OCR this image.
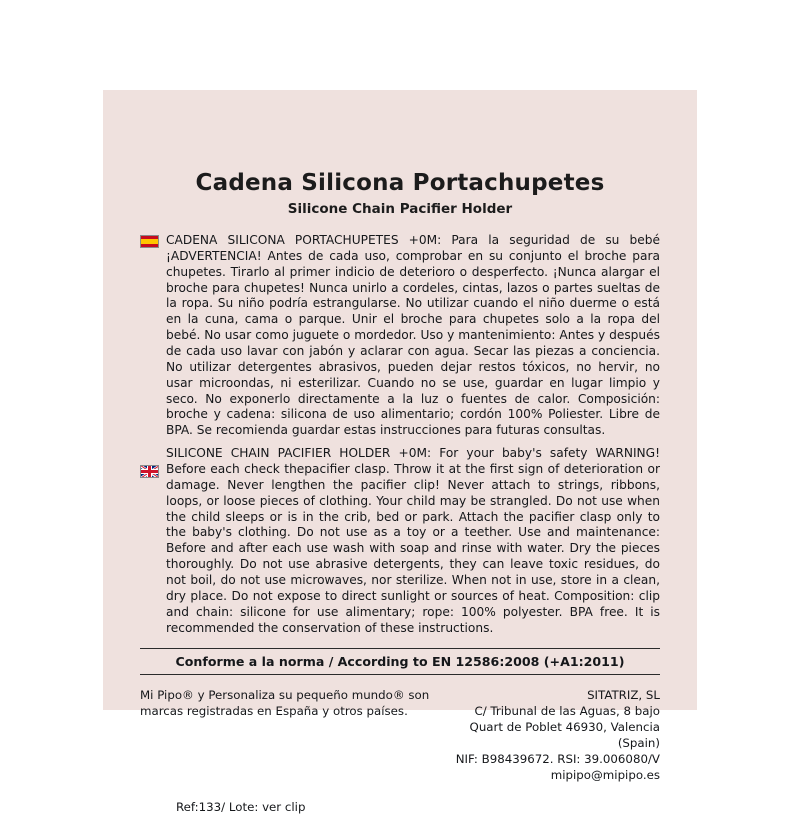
Cadena Silicona Portachupetes
Silicone Chain Pacifier Holder

CADENA SILICONA PORTACHUPETES +0M: Para la seguridad de su bebé ¡ADVERTENCIA! Antes de cada uso, comprobar en su conjunto el broche para chupetes. Tirarlo al primer indicio de deterioro o desperfecto. ¡Nunca alargar el broche para chupetes! Nunca unirlo a cordeles, cintas, lazos o partes sueltas de la ropa. Su niño podría estrangularse. No utilizar cuando el niño duerme o está en la cuna, cama o parque. Unir el broche para chupetes solo a la ropa del bebé. No usar como juguete o mordedor. Uso y mantenimiento: Antes y después de cada uso lavar con jabón y aclarar con agua. Secar las piezas a conciencia. No utilizar detergentes abrasivos, pueden dejar restos tóxicos, no hervir, no usar microondas, ni esterilizar. Cuando no se use, guardar en lugar limpio y seco. No exponerlo directamente a la luz o fuentes de calor. Composición: broche y cadena: silicona de uso alimentario; cordón 100% Poliester. Libre de BPA. Se recomienda guardar estas instrucciones para futuras consultas.

SILICONE CHAIN PACIFIER HOLDER +0M: For your baby's safety WARNING! Before each check thepacifier clasp. Throw it at the first sign of deterioration or damage. Never lengthen the pacifier clip! Never attach to strings, ribbons, loops, or loose pieces of clothing. Your child may be strangled. Do not use when the child sleeps or is in the crib, bed or park. Attach the pacifier clasp only to the baby's clothing. Do not use as a toy or a teether. Use and maintenance: Before and after each use wash with soap and rinse with water. Dry the pieces thoroughly. Do not use abrasive detergents, they can leave toxic residues, do not boil, do not use microwaves, nor sterilize. When not in use, store in a clean, dry place. Do not expose to direct sunlight or sources of heat. Composition: clip and chain: silicone for use alimentary; rope: 100% polyester. BPA free. It is recommended the conservation of these instructions.

Conforme a la norma / According to EN 12586:2008 (+A1:2011)

Mi Pipo® y Personaliza su pequeño mundo® son

marcas registradas en España y otros países.

SITATRIZ, SL
C/ Tribunal de las Aguas, 8 bajo
Quart de Poblet 46930, Valencia (Spain)
NIF: B98439672. RSI: 39.006080/V
mipipo@mipipo.es
Ref:133/ Lote: ver clip
